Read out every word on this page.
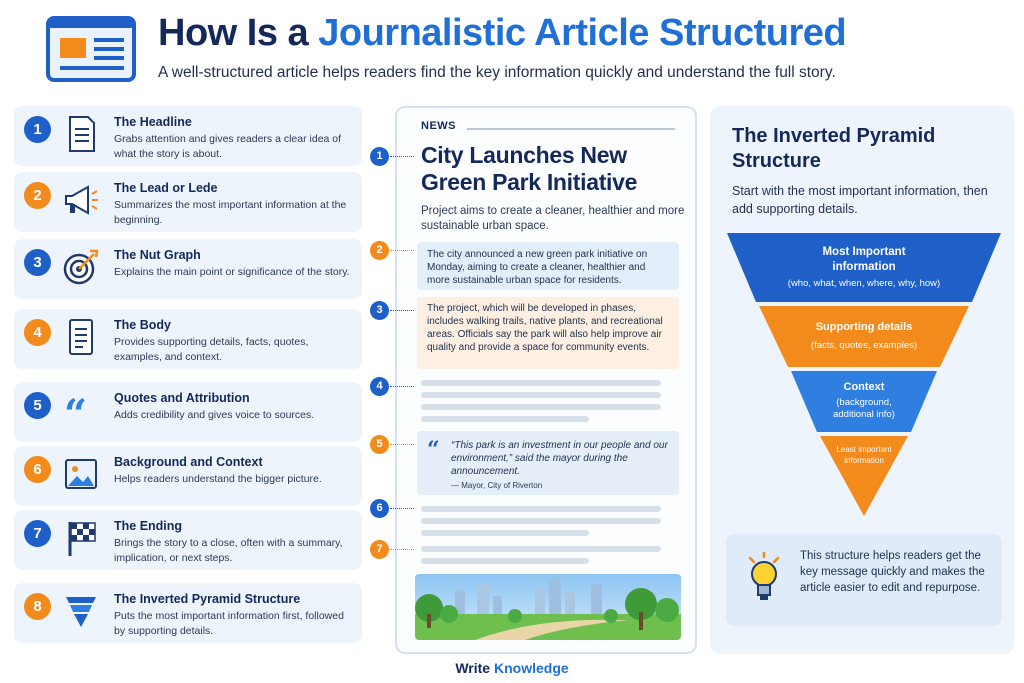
How Is a Journalistic Article Structured
A well-structured article helps readers find the key information quickly and understand the full story.
1	The Headline
Grabs attention and gives readers a clear idea of what the story is about.
2	The Lead or Lede
Summarizes the most important information at the beginning.
3	The Nut Graph
Explains the main point or significance of the story.
4	The Body
Provides supporting details, facts, quotes, examples, and context.
5 “ Quotes and Attribution
Adds credibility and gives voice to sources.
6	Background and Context
Helps readers understand the bigger picture.
7	The Ending
Brings the story to a close, often with a summary, implication, or next steps.
8	The Inverted Pyramid Structure
Puts the most important information first, followed by supporting details.
NEWS
City Launches New Green Park Initiative
Project aims to create a cleaner, healthier and more sustainable urban space.
The city announced a new green park initiative on Monday, aiming to create a cleaner, healthier and more sustainable urban space for residents.
The project, which will be developed in phases, includes walking trails, native plants, and recreational areas. Officials say the park will also help improve air quality and provide a space for community events.
“ “This park is an investment in our people and our environment,” said the mayor during the announcement.
— Mayor, City of Riverton
1
2
3
4
5
6
7
The Inverted Pyramid Structure
Start with the most important information, then add supporting details.
Most Important information
(who, what, when, where, why, how)
Supporting details
(facts, quotes, examples)
Context
(background, additional info)
Least important information
This structure helps readers get the key message quickly and makes the article easier to edit and repurpose.
Write Knowledge
